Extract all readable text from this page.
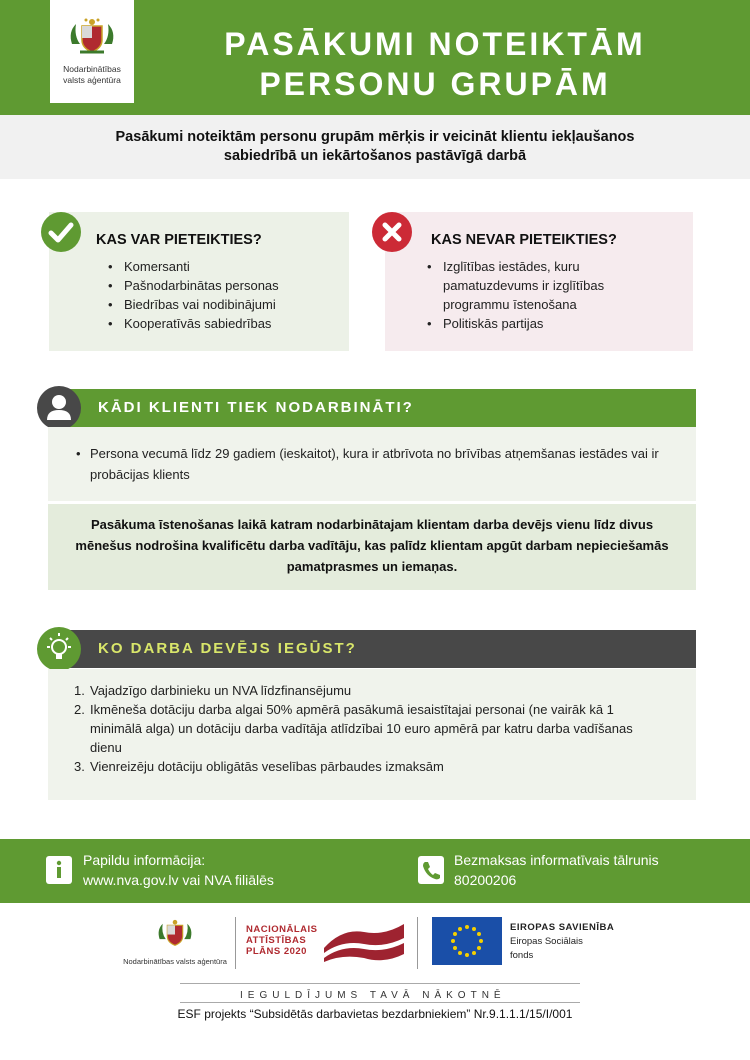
Nodarbinātības
valsts aģentūra
PASĀKUMI NOTEIKTĀM
PERSONU GRUPĀM
Pasākumi noteiktām personu grupām mērķis ir veicināt klientu iekļaušanos
sabiedrībā un iekārtošanos pastāvīgā darbā
KAS VAR PIETEIKTIES?
• Komersanti
• Pašnodarbinātas personas
• Biedrības vai nodibinājumi
• Kooperatīvās sabiedrības
KAS NEVAR PIETEIKTIES?
• Izglītības iestādes, kuru pamatuzdevums ir izglītības programmu īstenošana
• Politiskās partijas
KĀDI KLIENTI TIEK NODARBINĀTI?
• Persona vecumā līdz 29 gadiem (ieskaitot), kura ir atbrīvota no brīvības atņemšanas iestādes vai ir probācijas klients
Pasākuma īstenošanas laikā katram nodarbinātajam klientam darba devējs vienu līdz divus mēnešus nodrošina kvalificētu darba vadītāju, kas palīdz klientam apgūt darbam nepieciešamās pamatprasmes un iemaņas.
KO DARBA DEVĒJS IEGŪST?
1. Vajadzīgo darbinieku un NVA līdzfinansējumu
2. Ikmēneša dotāciju darba algai 50% apmērā pasākumā iesaistītajai personai (ne vairāk kā 1 minimālā alga) un dotāciju darba vadītāja atlīdzībai 10 euro apmērā par katru darba vadīšanas dienu
3. Vienreizēju dotāciju obligātās veselības pārbaudes izmaksām
Papildu informācija:
www.nva.gov.lv vai NVA filiālēs
Bezmaksas informatīvais tālrunis
80200206
Nodarbinātības valsts aģentūra
NACIONĀLAIS
ATTĪSTĪBAS
PLĀNS 2020
EIROPAS SAVIENĪBA
Eiropas Sociālais
fonds
IEGULDĪJUMS TAVĀ NĀKOTNĒ
ESF projekts “Subsidētās darbavietas bezdarbniekiem” Nr.9.1.1.1/15/I/001
